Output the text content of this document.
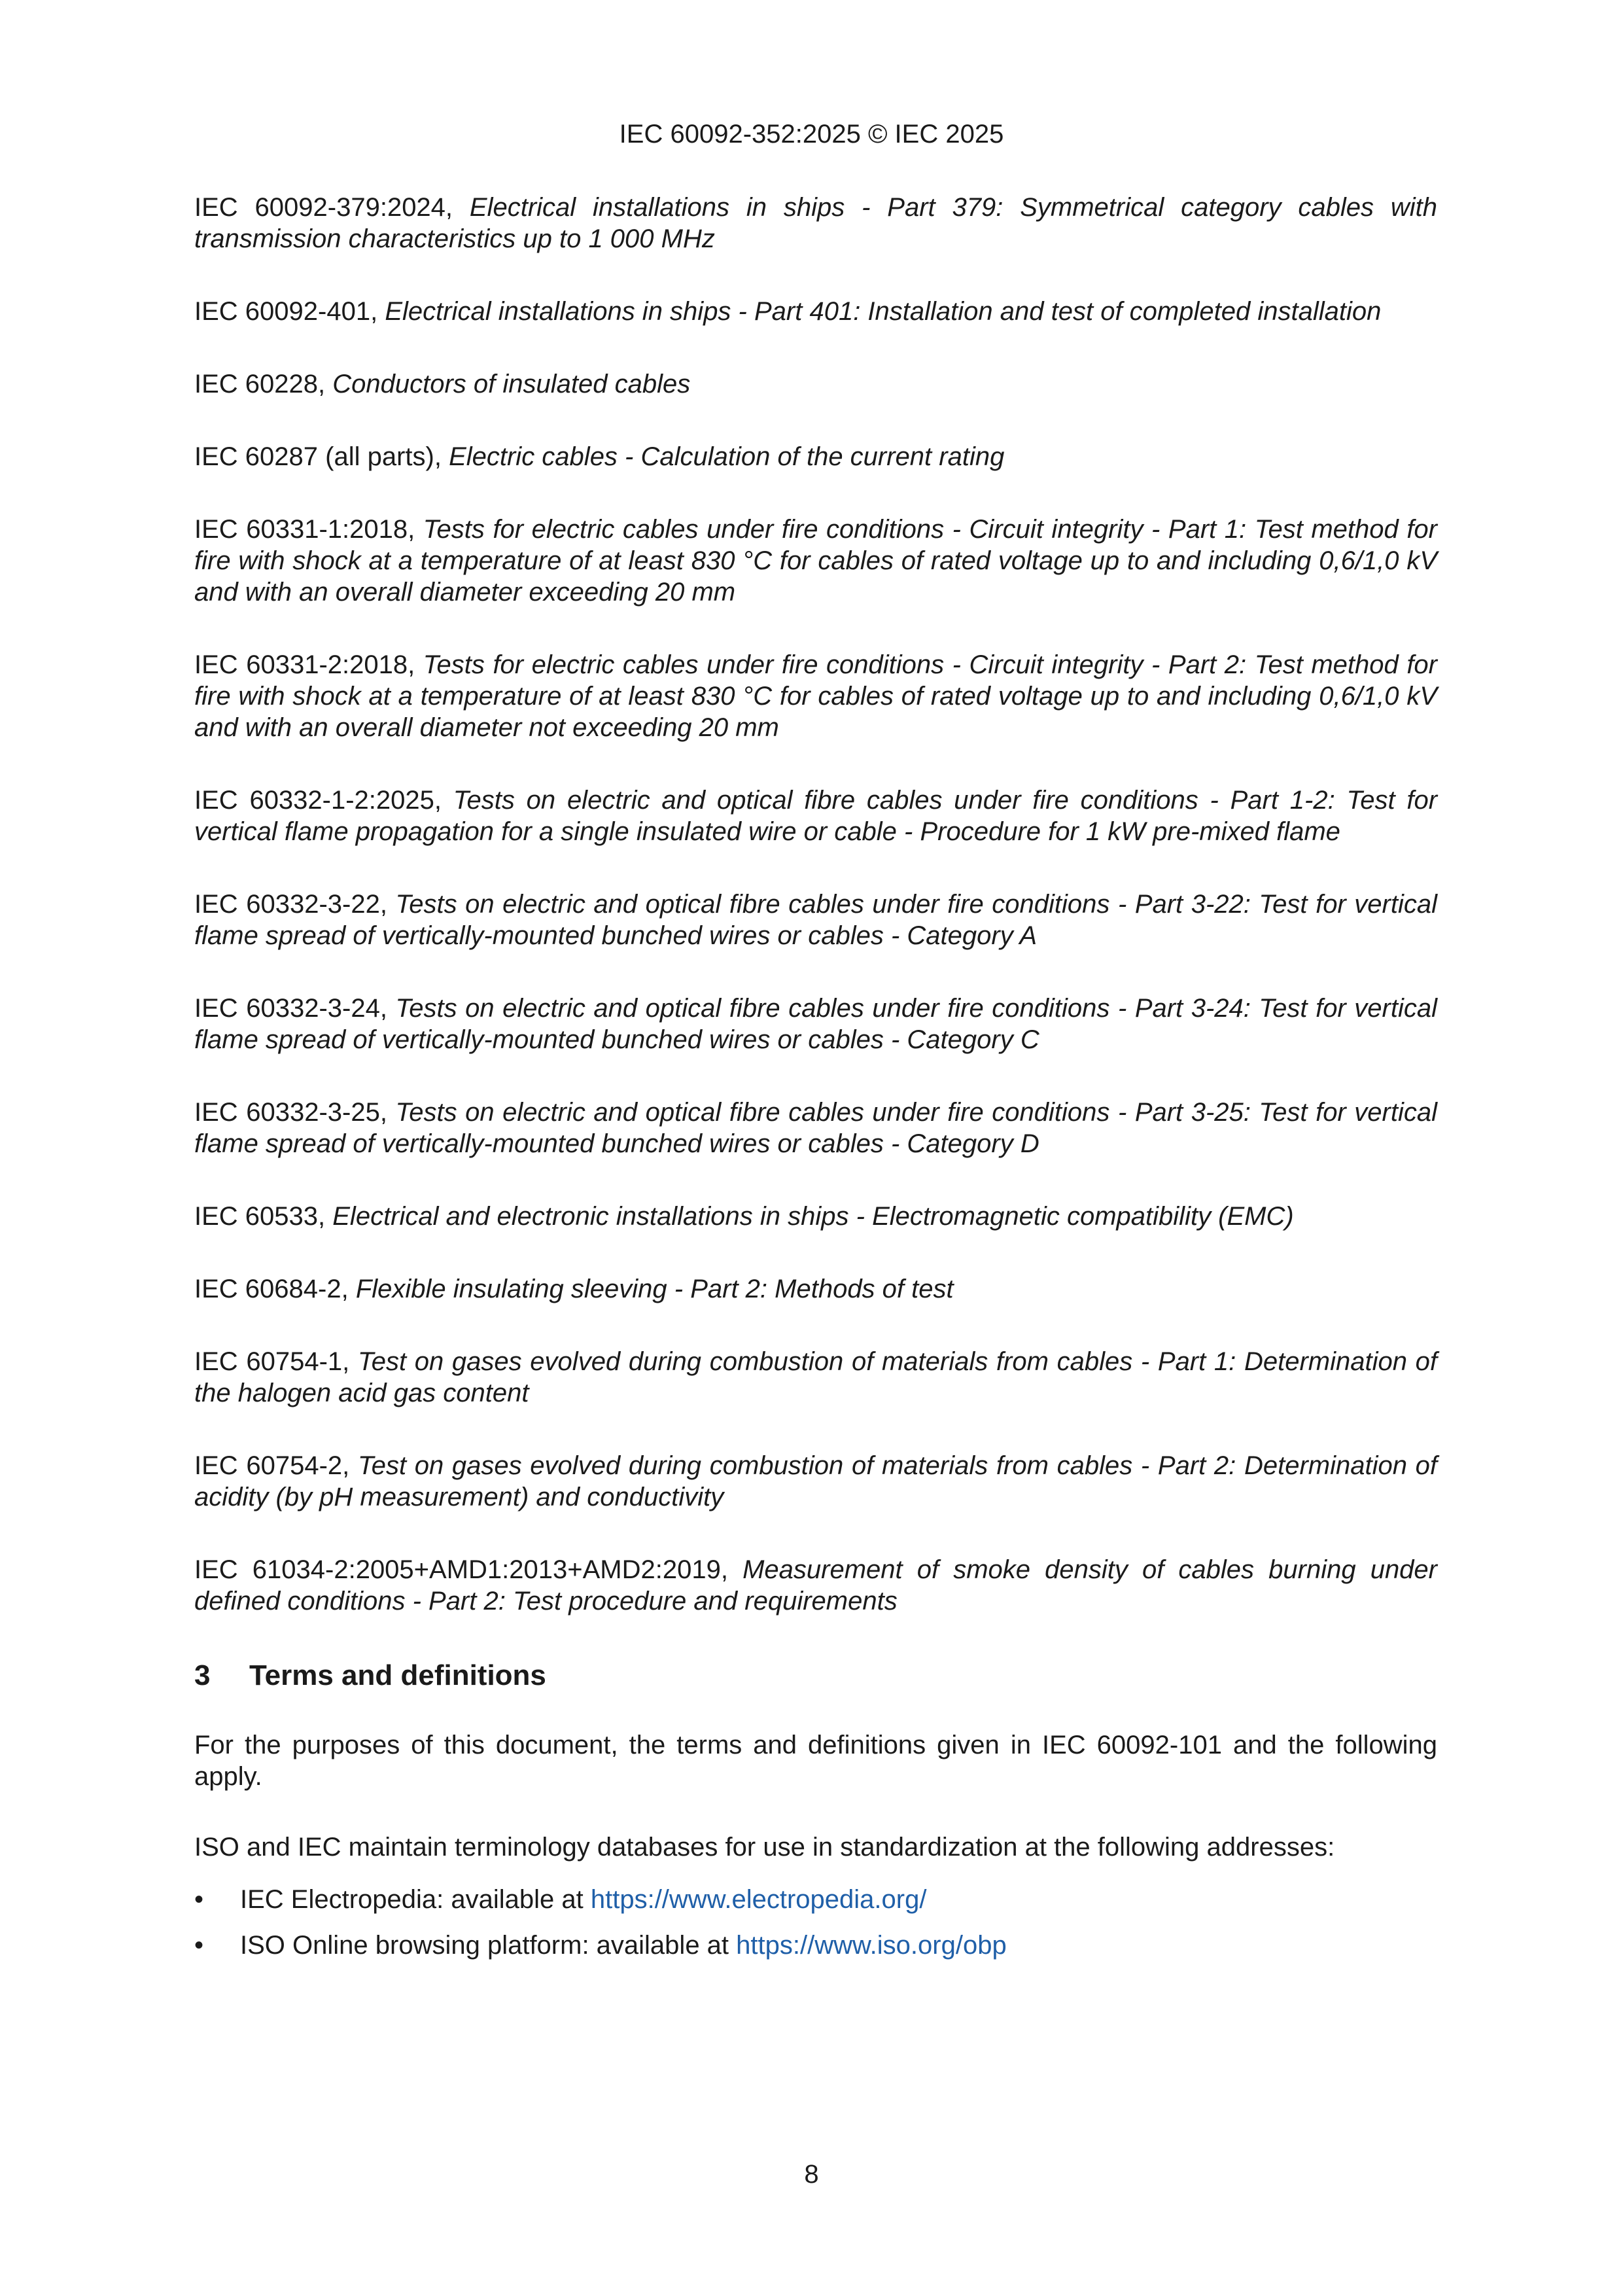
IEC 60092-352:2025 © IEC 2025

IEC 60092-379:2024, Electrical installations in ships - Part 379: Symmetrical category cables with transmission characteristics up to 1 000 MHz

IEC 60092-401, Electrical installations in ships - Part 401: Installation and test of completed installation

IEC 60228, Conductors of insulated cables

IEC 60287 (all parts), Electric cables - Calculation of the current rating

IEC 60331-1:2018, Tests for electric cables under fire conditions - Circuit integrity - Part 1: Test method for fire with shock at a temperature of at least 830 °C for cables of rated voltage up to and including 0,6/1,0 kV and with an overall diameter exceeding 20 mm

IEC 60331-2:2018, Tests for electric cables under fire conditions - Circuit integrity - Part 2: Test method for fire with shock at a temperature of at least 830 °C for cables of rated voltage up to and including 0,6/1,0 kV and with an overall diameter not exceeding 20 mm

IEC 60332-1-2:2025, Tests on electric and optical fibre cables under fire conditions - Part 1-2: Test for vertical flame propagation for a single insulated wire or cable - Procedure for 1 kW pre-mixed flame

IEC 60332-3-22, Tests on electric and optical fibre cables under fire conditions - Part 3-22: Test for vertical flame spread of vertically-mounted bunched wires or cables - Category A

IEC 60332-3-24, Tests on electric and optical fibre cables under fire conditions - Part 3-24: Test for vertical flame spread of vertically-mounted bunched wires or cables - Category C

IEC 60332-3-25, Tests on electric and optical fibre cables under fire conditions - Part 3-25: Test for vertical flame spread of vertically-mounted bunched wires or cables - Category D

IEC 60533, Electrical and electronic installations in ships - Electromagnetic compatibility (EMC)

IEC 60684-2, Flexible insulating sleeving - Part 2: Methods of test

IEC 60754-1, Test on gases evolved during combustion of materials from cables - Part 1: Determination of the halogen acid gas content

IEC 60754-2, Test on gases evolved during combustion of materials from cables - Part 2: Determination of acidity (by pH measurement) and conductivity

IEC 61034-2:2005+AMD1:2013+AMD2:2019, Measurement of smoke density of cables burning under defined conditions - Part 2: Test procedure and requirements

3 Terms and definitions

For the purposes of this document, the terms and definitions given in IEC 60092-101 and the following apply.

ISO and IEC maintain terminology databases for use in standardization at the following addresses:

• IEC Electropedia: available at https://www.electropedia.org/
• ISO Online browsing platform: available at https://www.iso.org/obp
8
